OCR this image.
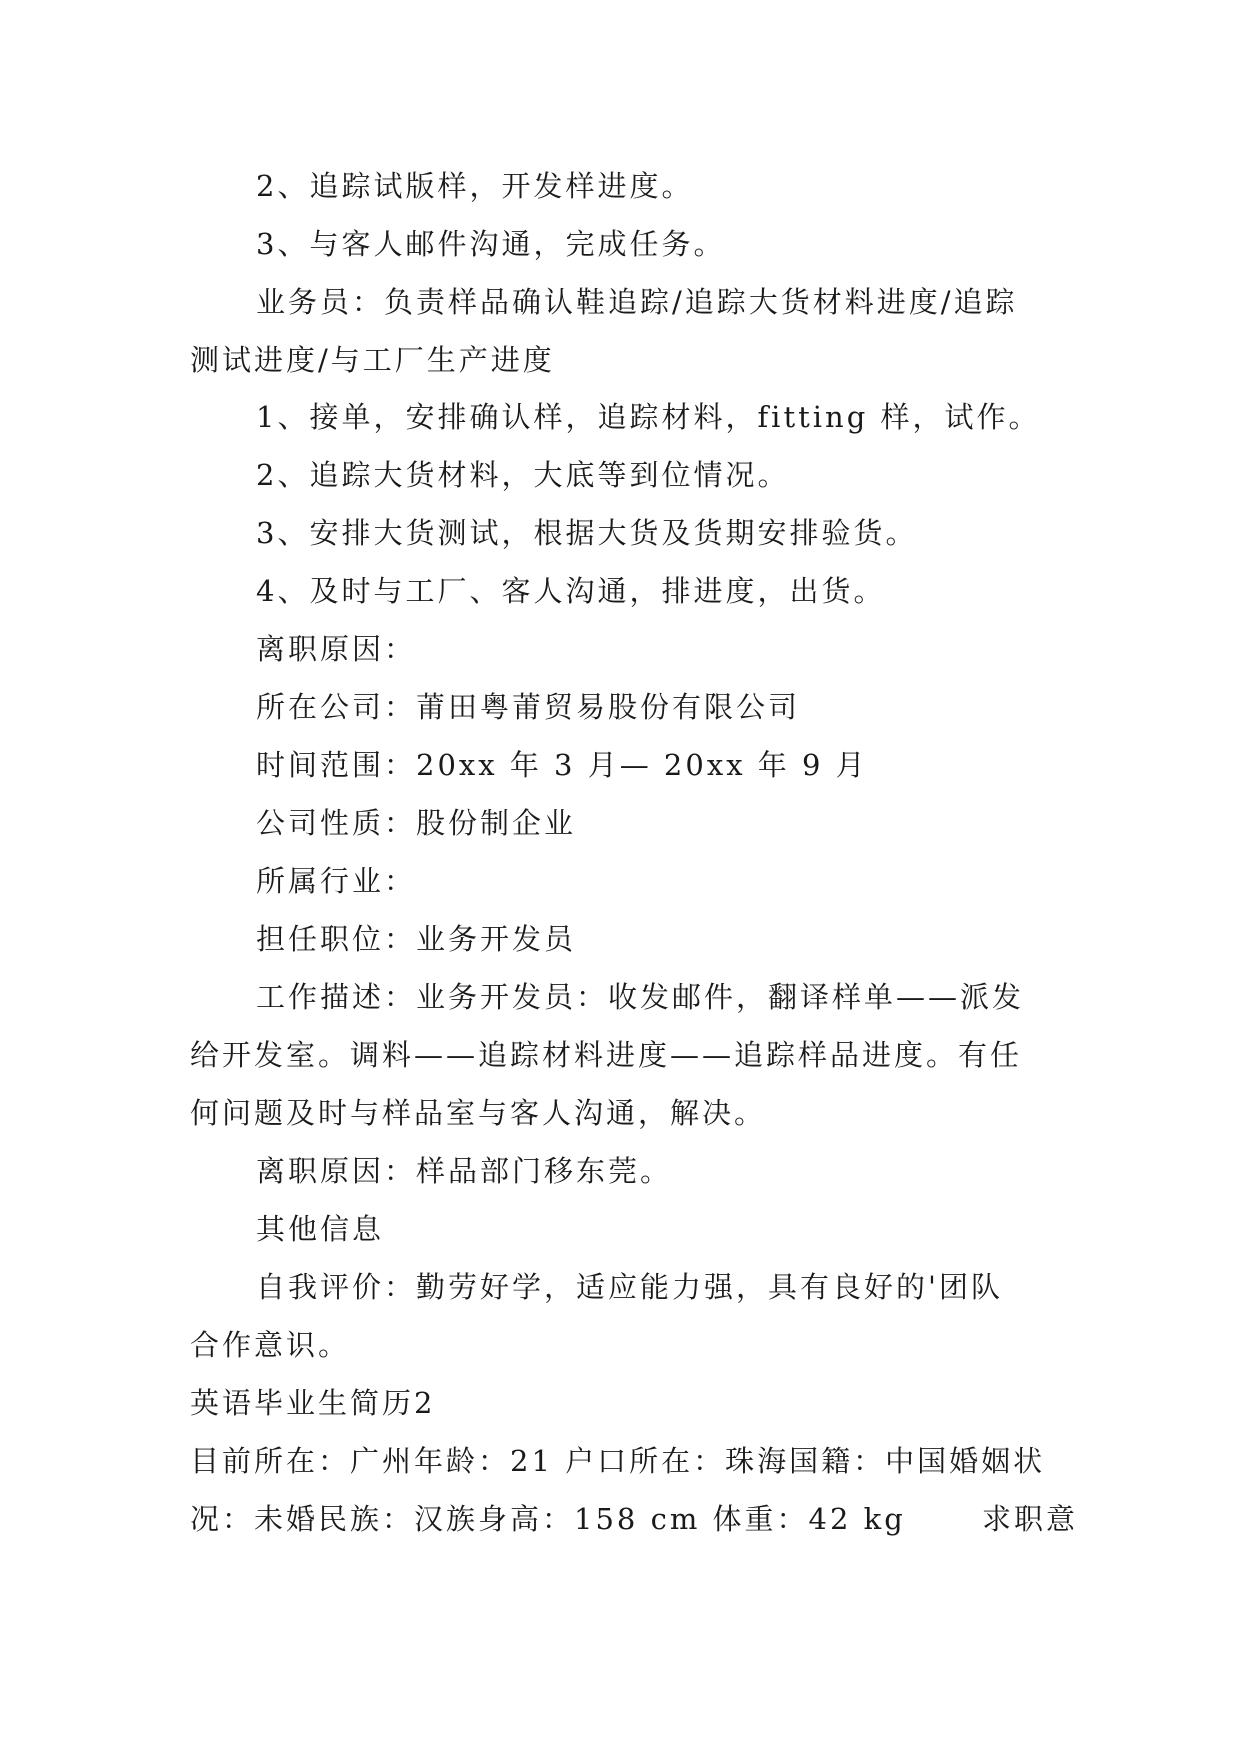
2、追踪试版样，开发样进度。
3、与客人邮件沟通，完成任务。
业务员：负责样品确认鞋追踪/追踪大货材料进度/追踪
测试进度/与工厂生产进度
1、接单，安排确认样，追踪材料，fitting 样，试作。
2、追踪大货材料，大底等到位情况。
3、安排大货测试，根据大货及货期安排验货。
4、及时与工厂、客人沟通，排进度，出货。
离职原因：
所在公司：莆田粤莆贸易股份有限公司
时间范围：20xx 年 3 月— 20xx 年 9 月
公司性质：股份制企业
所属行业：
担任职位：业务开发员
工作描述：业务开发员：收发邮件，翻译样单——派发
给开发室。调料——追踪材料进度——追踪样品进度。有任
何问题及时与样品室与客人沟通，解决。
离职原因：样品部门移东莞。
其他信息
自我评价：勤劳好学，适应能力强，具有良好的'团队
合作意识。
英语毕业生简历2
目前所在：广州年龄：21 户口所在：珠海国籍：中国婚姻状
况：未婚民族：汉族身高：158 cm 体重：42 kg　　 求职意
